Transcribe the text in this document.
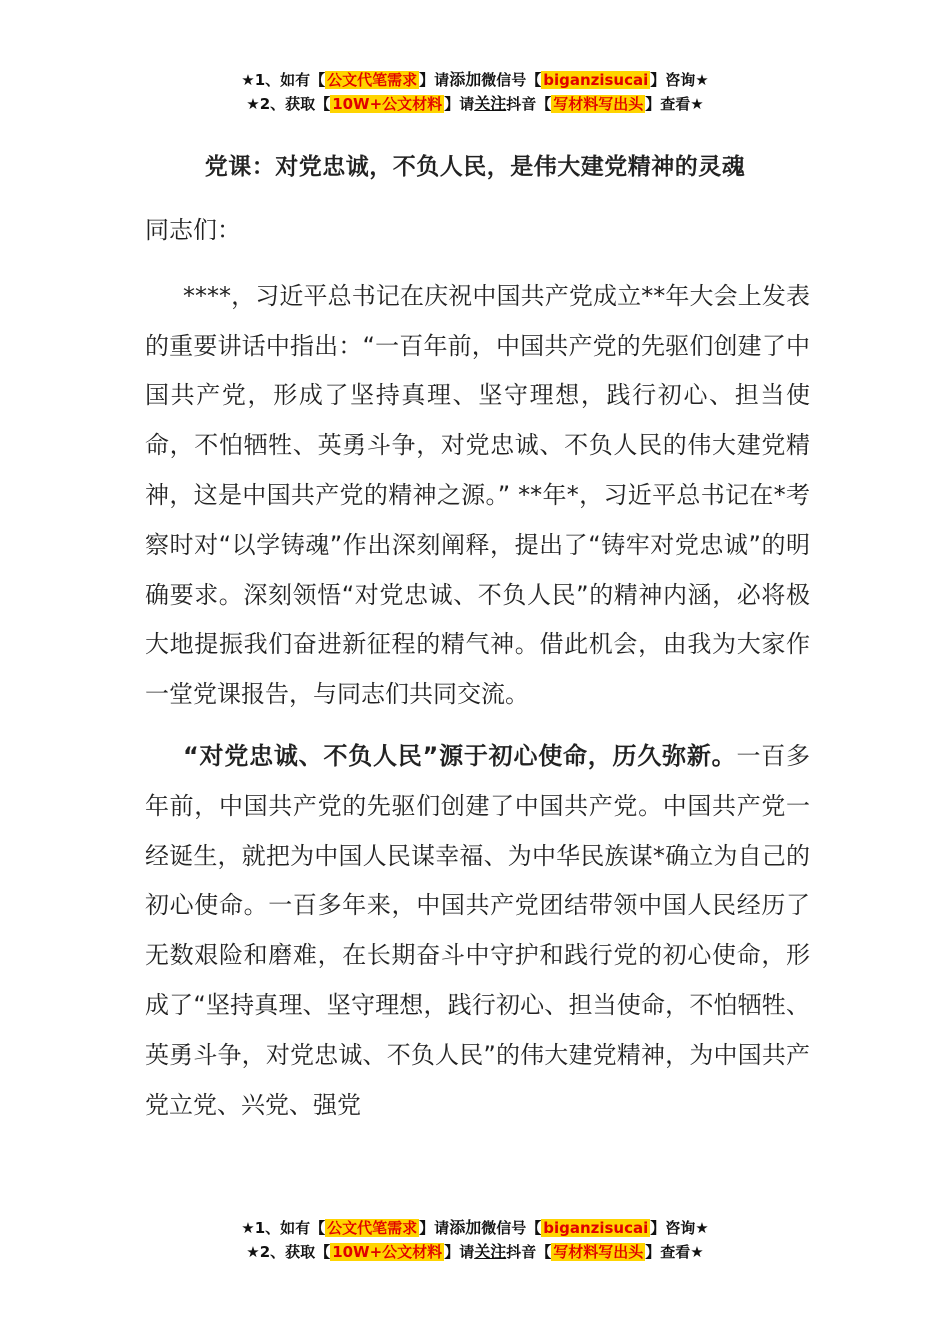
★1、如有【 公文代笔需求 】请添加微信号【 biganzisucai 】咨询★
★2、获取【 10W+公文材料 】请关注抖音【 写材料写出头 】查看★
党课：对党忠诚，不负人民，是伟大建党精神的灵魂

同志们：

****，习近平总书记在庆祝中国共产党成立**年大会上发表的重要讲话中指出：“一百年前，中国共产党的先驱们创建了中国共产党，形成了坚持真理、坚守理想，践行初心、担当使命，不怕牺牲、英勇斗争，对党忠诚、不负人民的伟大建党精神，这是中国共产党的精神之源。” **年*，习近平总书记在*考察时对“以学铸魂”作出深刻阐释，提出了“铸牢对党忠诚”的明确要求。深刻领悟“对党忠诚、不负人民”的精神内涵，必将极大地提振我们奋进新征程的精气神。借此机会，由我为大家作一堂党课报告，与同志们共同交流。

“对党忠诚、不负人民”源于初心使命，历久弥新。一百多年前，中国共产党的先驱们创建了中国共产党。中国共产党一经诞生，就把为中国人民谋幸福、为中华民族谋*确立为自己的初心使命。一百多年来，中国共产党团结带领中国人民经历了无数艰险和磨难，在长期奋斗中守护和践行党的初心使命，形成了“坚持真理、坚守理想，践行初心、担当使命，不怕牺牲、英勇斗争，对党忠诚、不负人民”的伟大建党精神，为中国共产党立党、兴党、强党

★1、如有【 公文代笔需求 】请添加微信号【 biganzisucai 】咨询★
★2、获取【 10W+公文材料 】请关注抖音【 写材料写出头 】查看★
